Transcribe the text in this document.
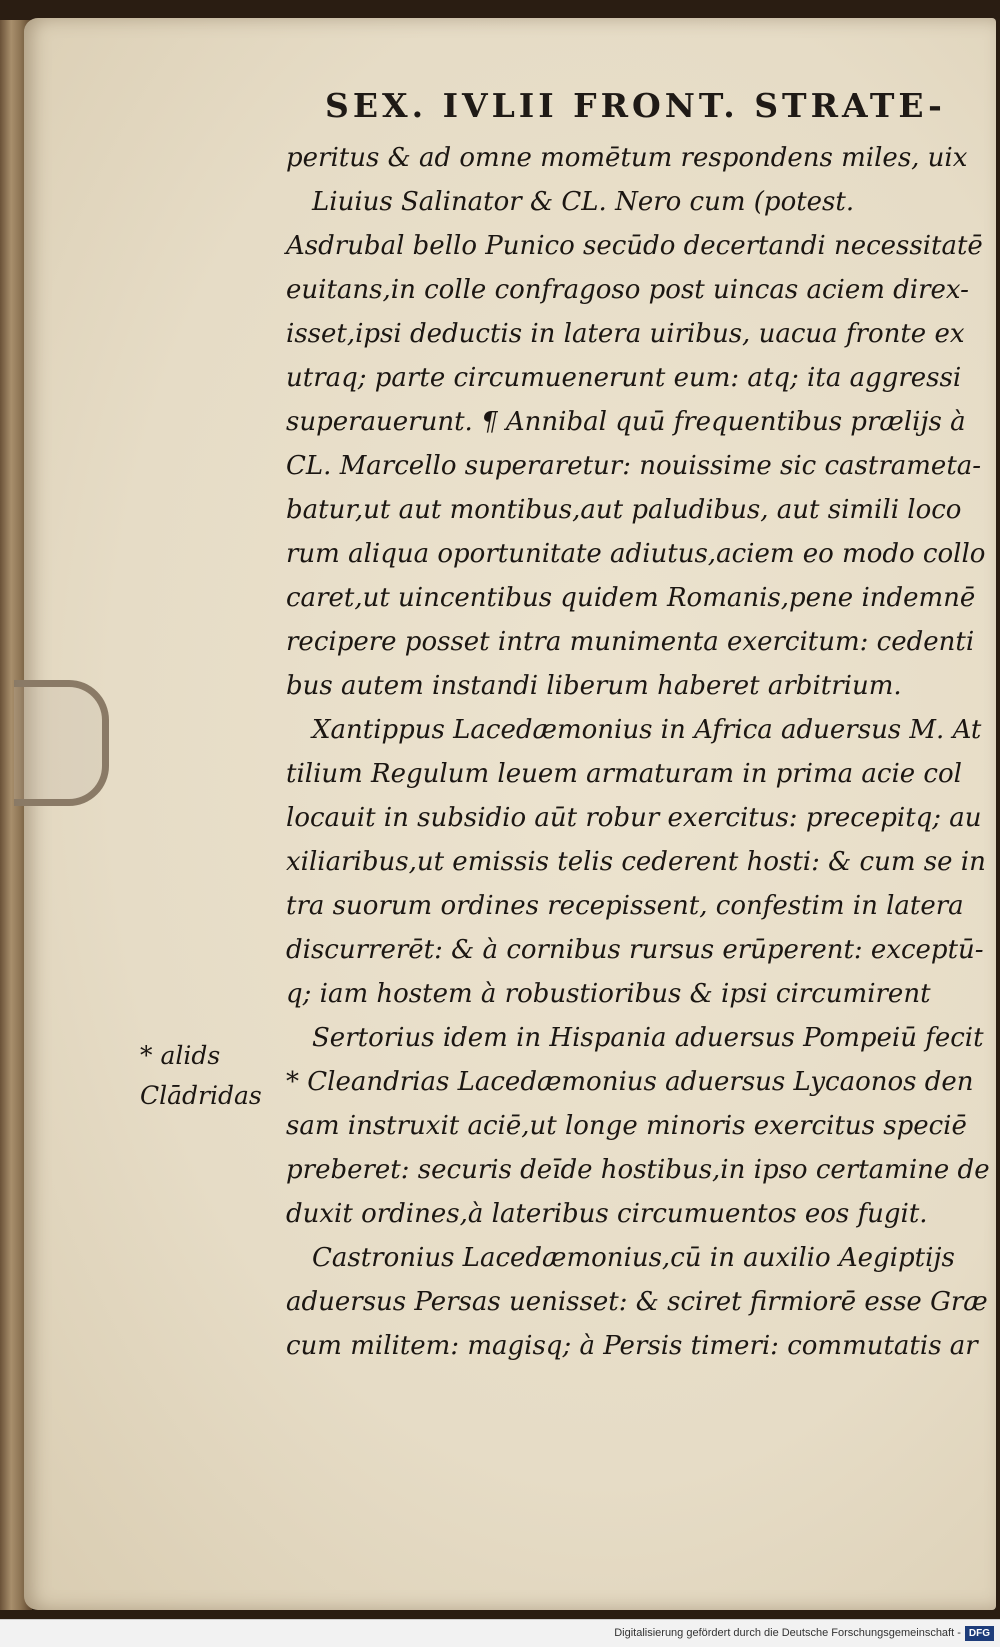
SEX. IVLII FRONT. STRATE-
peritus & ad omne momētum respondens miles, uix
Liuius Salinator & CL. Nero cum (potest.
Asdrubal bello Punico secūdo decertandi necessitatē
euitans,in colle confragoso post uincas aciem direx-
isset,ipsi deductis in latera uiribus, uacua fronte ex
utraq; parte circumuenerunt eum: atq; ita aggressi
superauerunt. ¶ Annibal quū frequentibus prælijs à
CL. Marcello superaretur: nouissime sic castrameta-
batur,ut aut montibus,aut paludibus, aut simili loco
rum aliqua oportunitate adiutus,aciem eo modo collo
caret,ut uincentibus quidem Romanis,pene indemnē
recipere posset intra munimenta exercitum: cedenti
bus autem instandi liberum haberet arbitrium.
Xantippus Lacedæmonius in Africa aduersus M. At
tilium Regulum leuem armaturam in prima acie col
locauit in subsidio aūt robur exercitus: precepitq; au
xiliaribus,ut emissis telis cederent hosti: & cum se in
tra suorum ordines recepissent, confestim in latera
discurrerēt: & à cornibus rursus erūperent: exceptū-
q; iam hostem à robustioribus & ipsi circumirent
Sertorius idem in Hispania aduersus Pompeiū fecit
* Cleandrias Lacedæmonius aduersus Lycaonos den
sam instruxit aciē,ut longe minoris exercitus speciē
preberet: securis deīde hostibus,in ipso certamine de
duxit ordines,à lateribus circumuentos eos fugit.
Castronius Lacedæmonius,cū in auxilio Aegiptijs
aduersus Persas uenisset: & sciret firmiorē esse Græ
cum militem: magisq; à Persis timeri: commutatis ar
* alids
Clādridas
Digitalisierung gefördert durch die Deutsche Forschungsgemeinschaft - DFG
